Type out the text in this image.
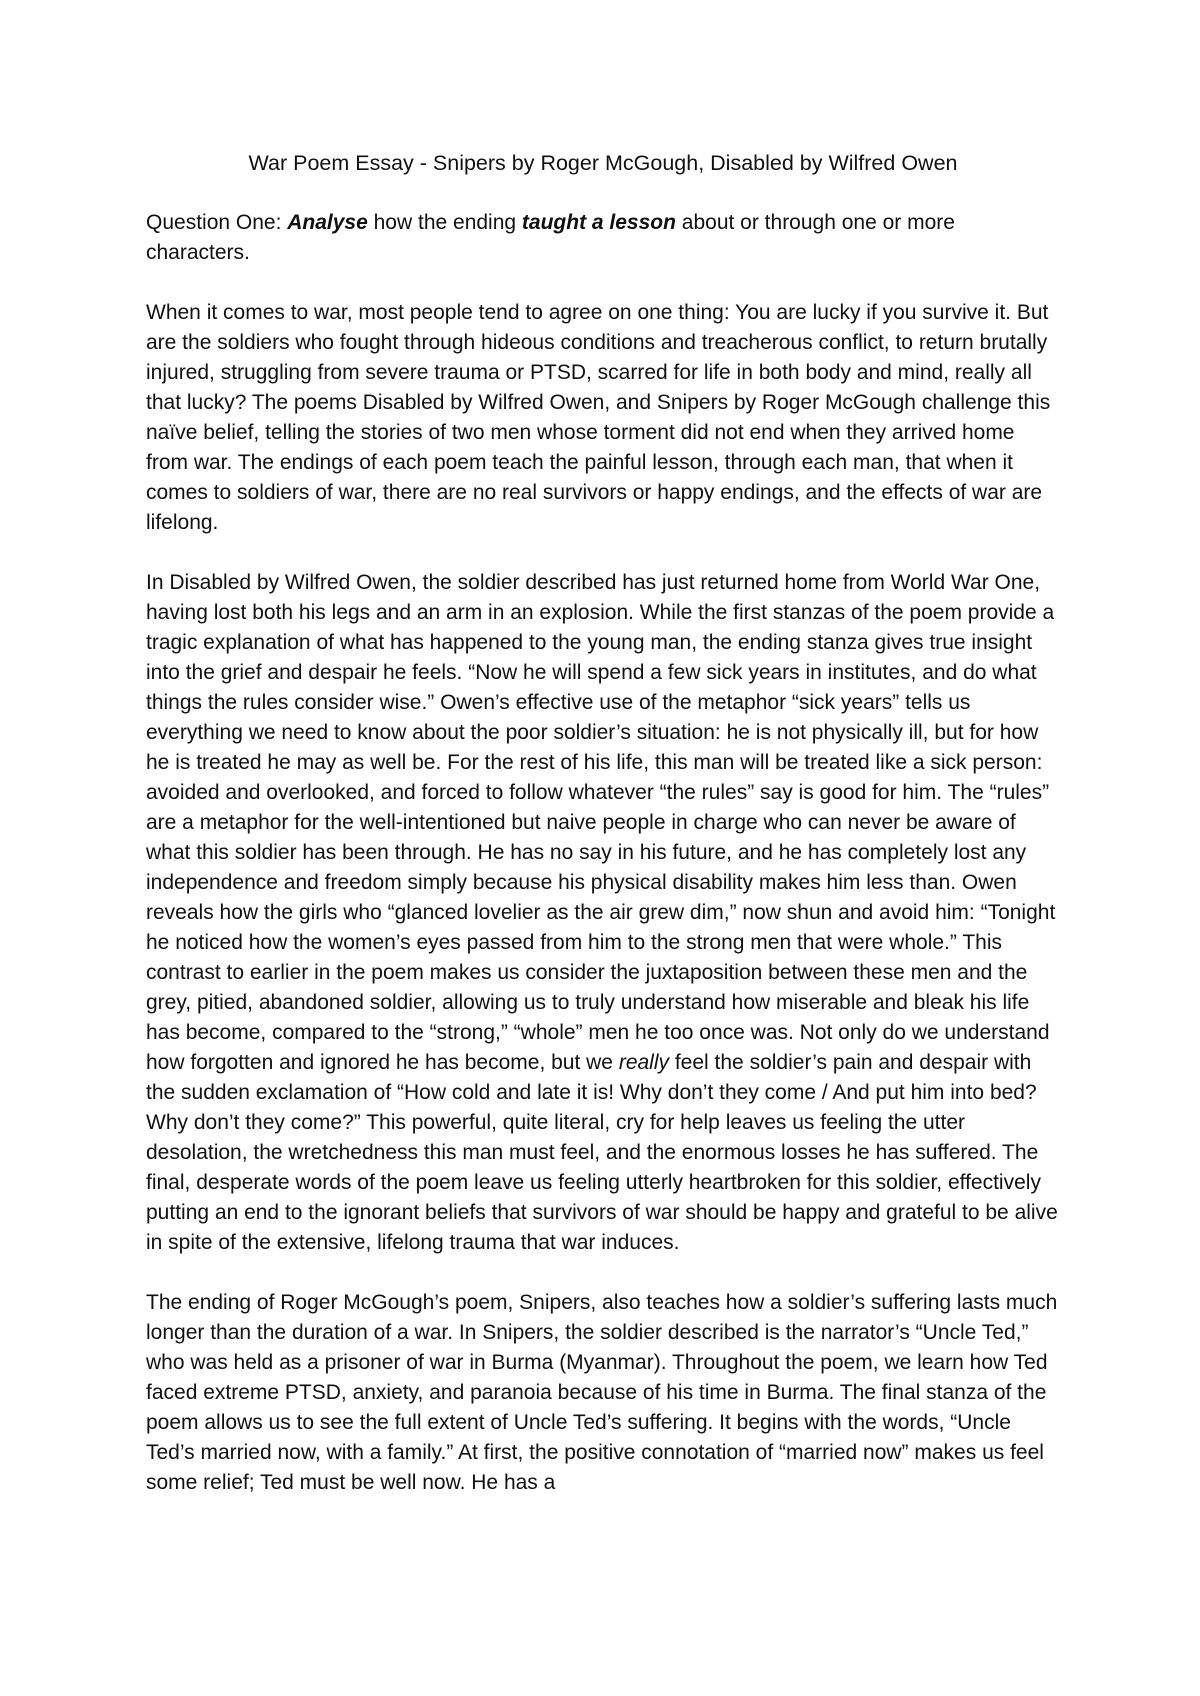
War Poem Essay - Snipers by Roger McGough, Disabled by Wilfred Owen

Question One: Analyse how the ending taught a lesson about or through one or more characters.

When it comes to war, most people tend to agree on one thing: You are lucky if you survive it. But are the soldiers who fought through hideous conditions and treacherous conflict, to return brutally injured, struggling from severe trauma or PTSD, scarred for life in both body and mind, really all that lucky? The poems Disabled by Wilfred Owen, and Snipers by Roger McGough challenge this naïve belief, telling the stories of two men whose torment did not end when they arrived home from war. The endings of each poem teach the painful lesson, through each man, that when it comes to soldiers of war, there are no real survivors or happy endings, and the effects of war are lifelong.

In Disabled by Wilfred Owen, the soldier described has just returned home from World War One, having lost both his legs and an arm in an explosion. While the first stanzas of the poem provide a tragic explanation of what has happened to the young man, the ending stanza gives true insight into the grief and despair he feels. “Now he will spend a few sick years in institutes, and do what things the rules consider wise.” Owen’s effective use of the metaphor “sick years” tells us everything we need to know about the poor soldier’s situation: he is not physically ill, but for how he is treated he may as well be. For the rest of his life, this man will be treated like a sick person: avoided and overlooked, and forced to follow whatever “the rules” say is good for him. The “rules” are a metaphor for the well-intentioned but naive people in charge who can never be aware of what this soldier has been through. He has no say in his future, and he has completely lost any independence and freedom simply because his physical disability makes him less than. Owen reveals how the girls who “glanced lovelier as the air grew dim,” now shun and avoid him: “Tonight he noticed how the women’s eyes passed from him to the strong men that were whole.” This contrast to earlier in the poem makes us consider the juxtaposition between these men and the grey, pitied, abandoned soldier, allowing us to truly understand how miserable and bleak his life has become, compared to the “strong,” “whole” men he too once was. Not only do we understand how forgotten and ignored he has become, but we really feel the soldier’s pain and despair with the sudden exclamation of “How cold and late it is! Why don’t they come / And put him into bed? Why don’t they come?” This powerful, quite literal, cry for help leaves us feeling the utter desolation, the wretchedness this man must feel, and the enormous losses he has suffered. The final, desperate words of the poem leave us feeling utterly heartbroken for this soldier, effectively putting an end to the ignorant beliefs that survivors of war should be happy and grateful to be alive in spite of the extensive, lifelong trauma that war induces.

The ending of Roger McGough’s poem, Snipers, also teaches how a soldier’s suffering lasts much longer than the duration of a war. In Snipers, the soldier described is the narrator’s “Uncle Ted,” who was held as a prisoner of war in Burma (Myanmar). Throughout the poem, we learn how Ted faced extreme PTSD, anxiety, and paranoia because of his time in Burma. The final stanza of the poem allows us to see the full extent of Uncle Ted’s suffering. It begins with the words, “Uncle Ted’s married now, with a family.” At first, the positive connotation of “married now” makes us feel some relief; Ted must be well now. He has a
